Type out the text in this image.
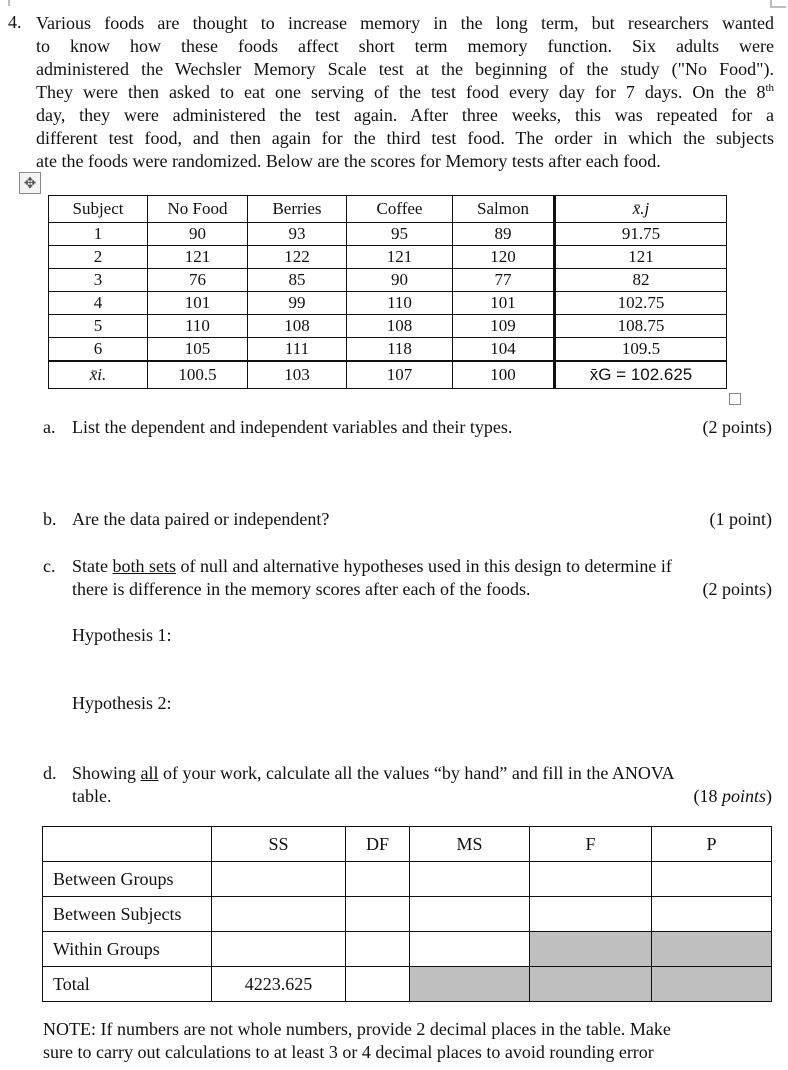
4. Various foods are thought to increase memory in the long term, but researchers wanted
to know how these foods affect short term memory function. Six adults were
administered the Wechsler Memory Scale test at the beginning of the study ("No Food").
They were then asked to eat one serving of the test food every day for 7 days. On the 8th
day, they were administered the test again. After three weeks, this was repeated for a
different test food, and then again for the third test food. The order in which the subjects
ate the foods were randomized. Below are the scores for Memory tests after each food.
✥
Subject	No Food	Berries	Coffee	Salmon	x̄.j
1	90	93	95	89	91.75
2	121	122	121	120	121
3	76	85	90	77	82
4	101	99	110	101	102.75
5	110	108	108	109	108.75
6	105	111	118	104	109.5
x̄i.	100.5	103	107	100	x̄G = 102.625
a. List the dependent and independent variables and their types.	(2 points)
b. Are the data paired or independent?	(1 point)
c. State both sets of null and alternative hypotheses used in this design to determine if
there is difference in the memory scores after each of the foods.	(2 points)
Hypothesis 1:
Hypothesis 2:
d. Showing all of your work, calculate all the values “by hand” and fill in the ANOVA
table.	(18 points)
	SS	DF	MS	F	P
Between Groups					
Between Subjects					
Within Groups					
Total	4223.625				
NOTE: If numbers are not whole numbers, provide 2 decimal places in the table. Make
sure to carry out calculations to at least 3 or 4 decimal places to avoid rounding error
